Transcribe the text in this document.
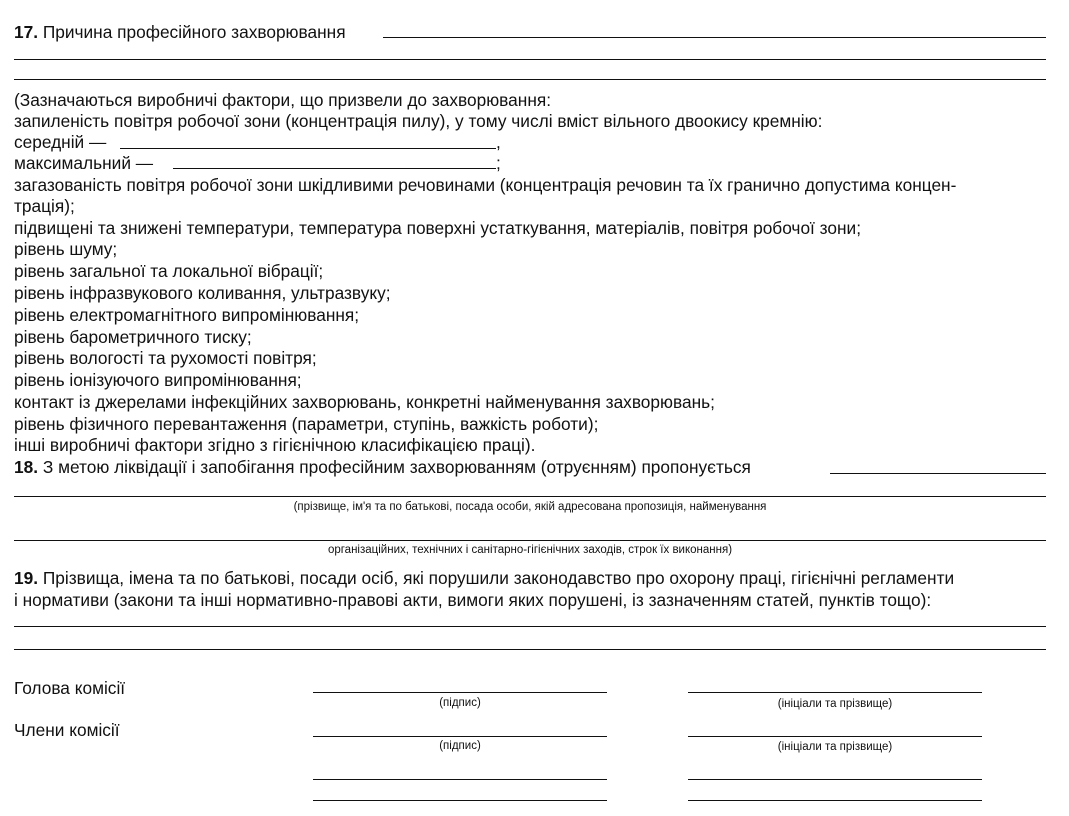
17. Причина професійного захворювання
(Зазначаються виробничі фактори, що призвели до захворювання:
запиленість повітря робочої зони (концентрація пилу), у тому числі вміст вільного двоокису кремнію:
середній —	,
максимальний —	;
загазованість повітря робочої зони шкідливими речовинами (концентрація речовин та їх гранично допустима концен-
трація);
підвищені та знижені температури, температура поверхні устаткування, матеріалів, повітря робочої зони;
рівень шуму;
рівень загальної та локальної вібрації;
рівень інфразвукового коливання, ультразвуку;
рівень електромагнітного випромінювання;
рівень барометричного тиску;
рівень вологості та рухомості повітря;
рівень іонізуючого випромінювання;
контакт із джерелами інфекційних захворювань, конкретні найменування захворювань;
рівень фізичного перевантаження (параметри, ступінь, важкість роботи);
інші виробничі фактори згідно з гігієнічною класифікацією праці).
18. З метою ліквідації і запобігання професійним захворюванням (отруєнням) пропонується
(прізвище, ім'я та по батькові, посада особи, якій адресована пропозиція, найменування
організаційних, технічних і санітарно-гігієнічних заходів, строк їх виконання)
19. Прізвища, імена та по батькові, посади осіб, які порушили законодавство про охорону праці, гігієнічні регламенти
і нормативи (закони та інші нормативно-правові акти, вимоги яких порушені, із зазначенням статей, пунктів тощо):
Голова комісії
(підпис)	(ініціали та прізвище)
Члени комісії
(підпис)	(ініціали та прізвище)
